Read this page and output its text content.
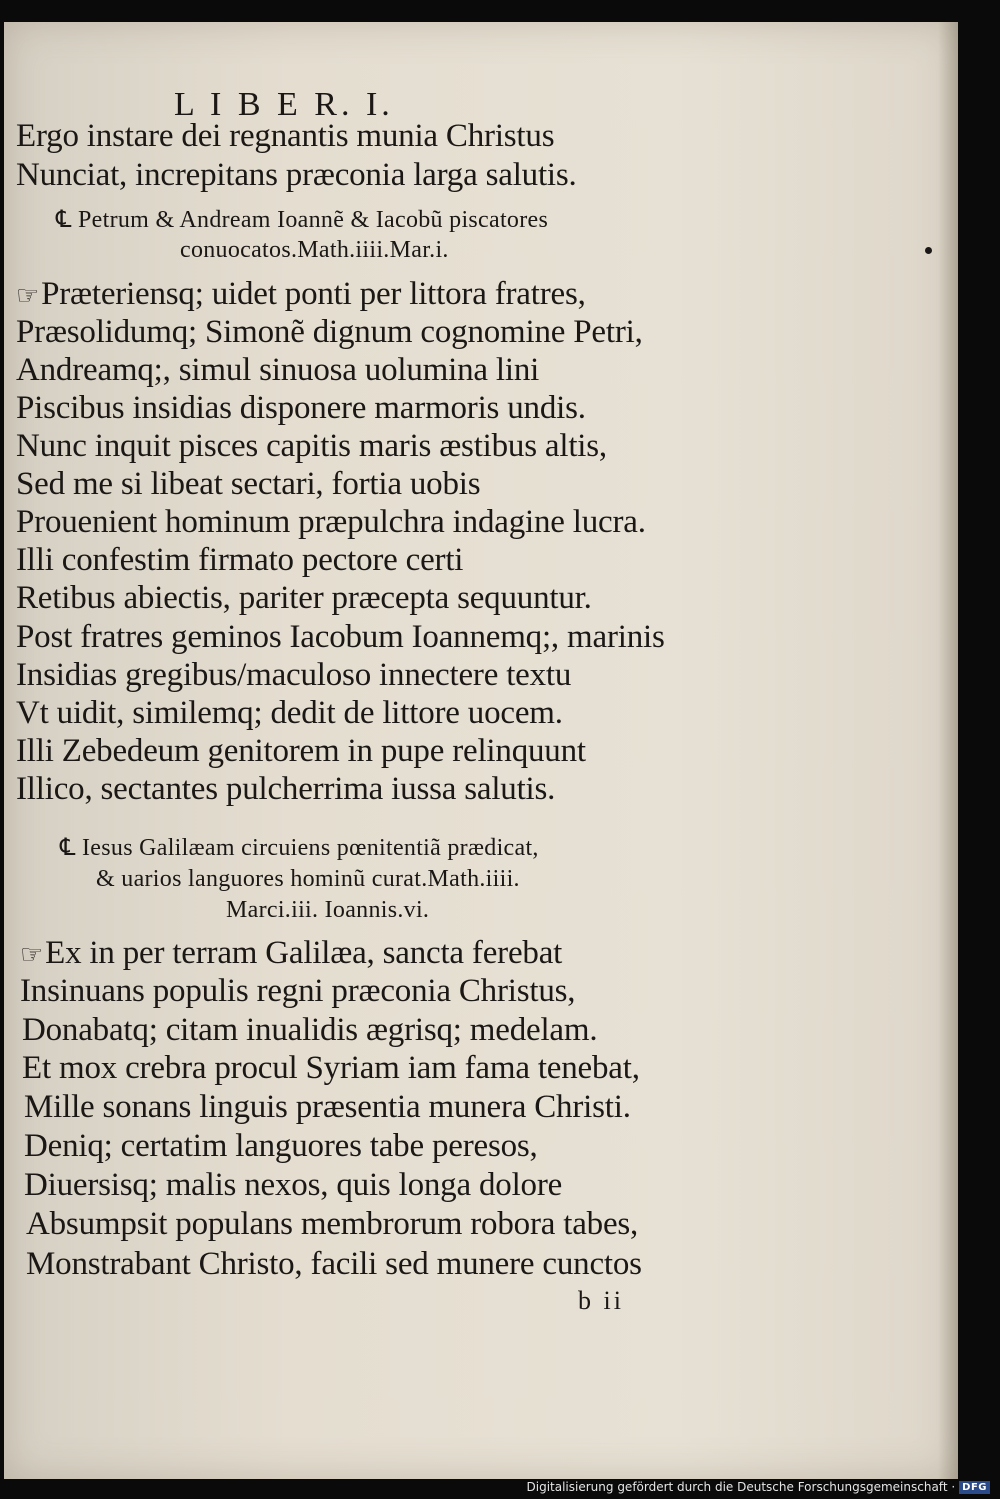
L I B E R. I.
Ergo instare dei regnantis munia Christus
Nunciat, increpitans præconia larga salutis.
℄ Petrum & Andream Ioannẽ & Iacobũ piscatores
conuocatos.Math.iiii.Mar.i.
☞Præteriensq; uidet ponti per littora fratres,
Præsolidumq; Simonẽ dignum cognomine Petri,
Andreamq;, simul sinuosa uolumina lini
Piscibus insidias disponere marmoris undis.
Nunc inquit pisces capitis maris æstibus altis,
Sed me si libeat sectari, fortia uobis
Prouenient hominum præpulchra indagine lucra.
Illi confestim firmato pectore certi
Retibus abiectis, pariter præcepta sequuntur.
Post fratres geminos Iacobum Ioannemq;, marinis
Insidias gregibus/maculoso innectere textu
Vt uidit, similemq; dedit de littore uocem.
Illi Zebedeum genitorem in pupe relinquunt
Illico, sectantes pulcherrima iussa salutis.
℄ Iesus Galilæam circuiens pœnitentiã prædicat,
& uarios languores hominũ curat.Math.iiii.
Marci.iii. Ioannis.vi.
☞Ex in per terram Galilæa, sancta ferebat
Insinuans populis regni præconia Christus,
Donabatq; citam inualidis ægrisq; medelam.
Et mox crebra procul Syriam iam fama tenebat,
Mille sonans linguis præsentia munera Christi.
Deniq; certatim languores tabe peresos,
Diuersisq; malis nexos, quis longa dolore
Absumpsit populans membrorum robora tabes,
Monstrabant Christo, facili sed munere cunctos
b ii
Digitalisierung gefördert durch die Deutsche Forschungsgemeinschaft · DFG
